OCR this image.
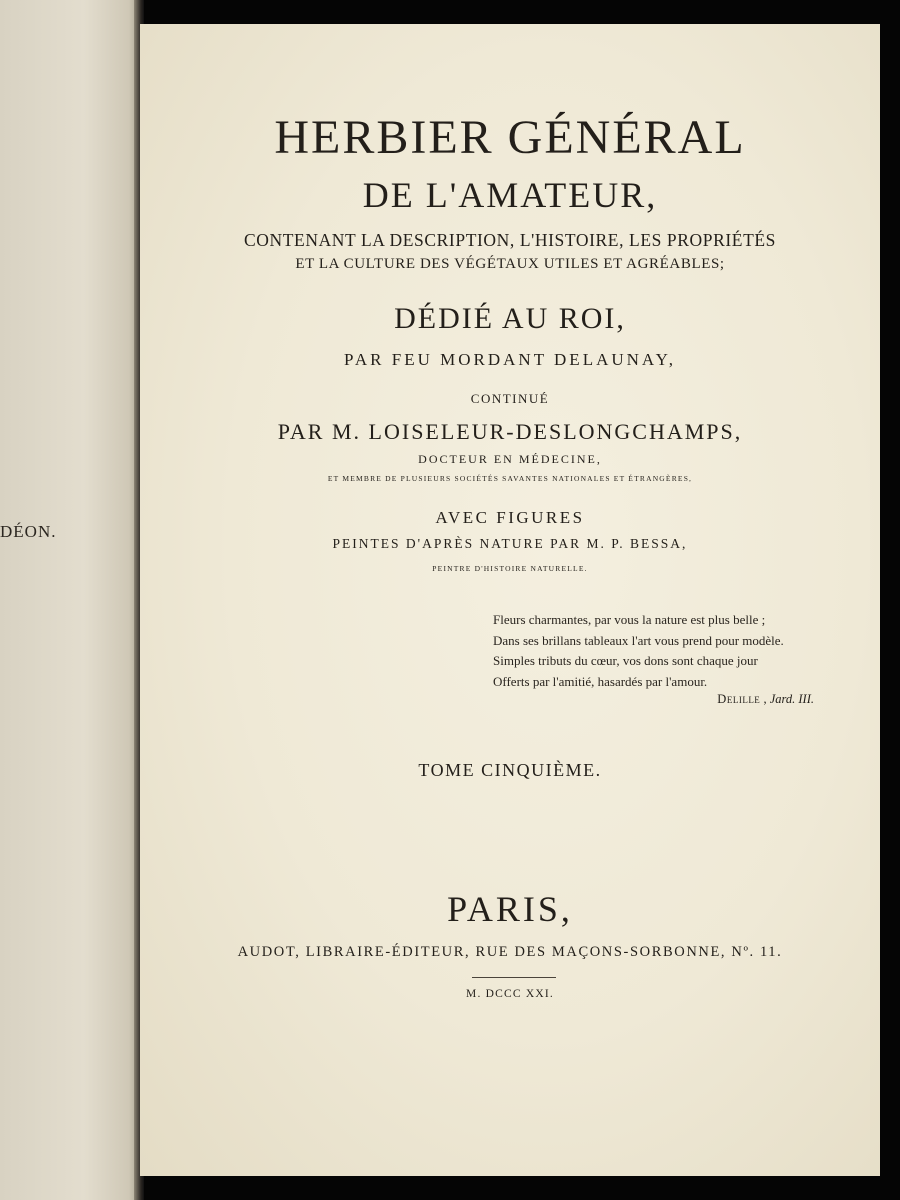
DÉON.
HERBIER GÉNÉRAL
DE L'AMATEUR,
CONTENANT LA DESCRIPTION, L'HISTOIRE, LES PROPRIÉTÉS
ET LA CULTURE DES VÉGÉTAUX UTILES ET AGRÉABLES;
DÉDIÉ AU ROI,
PAR FEU MORDANT DELAUNAY,
CONTINUÉ
PAR M. LOISELEUR-DESLONGCHAMPS,
DOCTEUR EN MÉDECINE,
ET MEMBRE DE PLUSIEURS SOCIÉTÉS SAVANTES NATIONALES ET ÉTRANGÈRES,
AVEC FIGURES
PEINTES D'APRÈS NATURE PAR M. P. BESSA,
PEINTRE D'HISTOIRE NATURELLE.
Fleurs charmantes, par vous la nature est plus belle ;
Dans ses brillans tableaux l'art vous prend pour modèle.
Simples tributs du cœur, vos dons sont chaque jour
Offerts par l'amitié, hasardés par l'amour.
Delille , Jard. III.
TOME CINQUIÈME.
PARIS,
AUDOT, LIBRAIRE-ÉDITEUR, RUE DES MAÇONS-SORBONNE, Nº. 11.
M. DCCC XXI.
